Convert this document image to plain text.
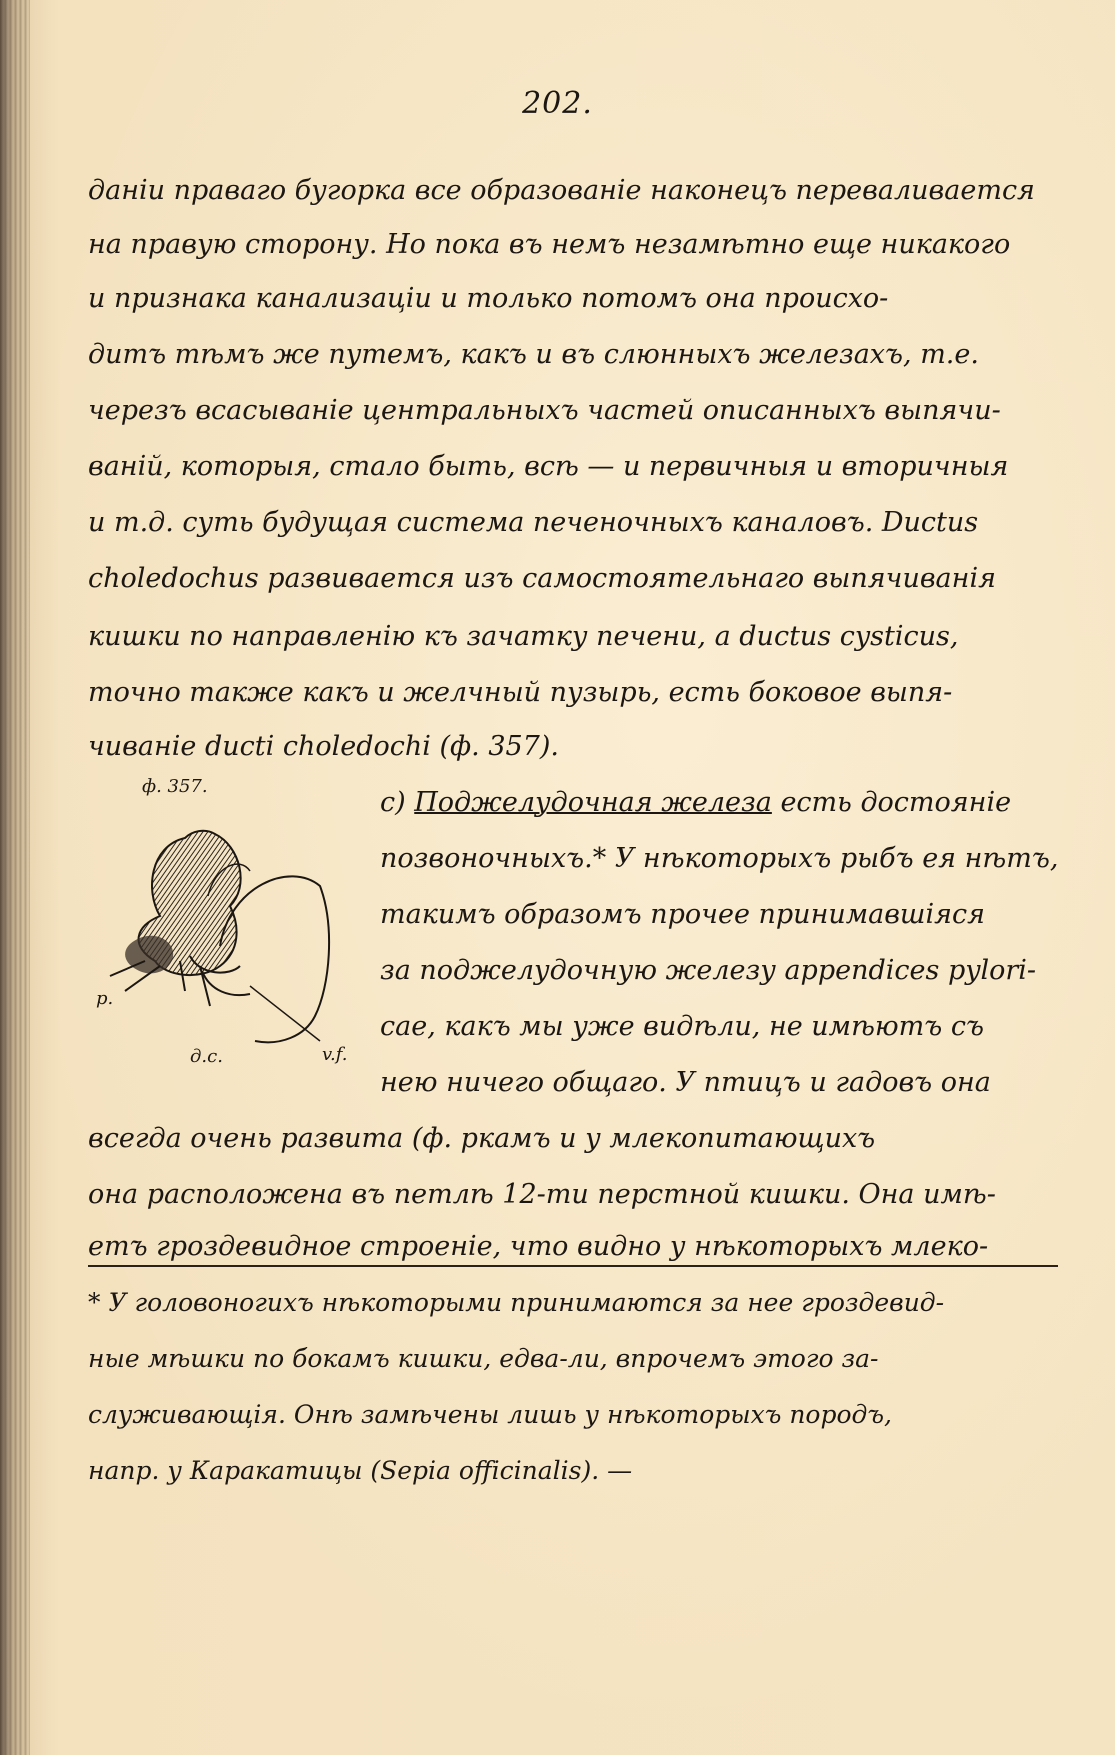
202.
даніи праваго бугорка все образованіе наконецъ переваливается
на правую сторону. Но пока въ немъ незамѣтно еще никакого
и признака канализаціи и только потомъ она происхо-
дитъ тѣмъ же путемъ, какъ и въ слюнныхъ железахъ, т.е.
черезъ всасываніе центральныхъ частей описанныхъ выпячи-
ваній, которыя, стало быть, всѣ — и первичныя и вторичныя
и т.д. суть будущая система печеночныхъ каналовъ. Ductus
choledochus развивается изъ самостоятельнаго выпячиванія
кишки по направленію къ зачатку печени, а ductus cysticus,
точно также какъ и желчный пузырь, есть боковое выпя-
чиваніе ducti choledochi (ф. 357).
ф. 357.
p.
д.c.	v.f.
c) Поджелудочная железа есть достояніе
позвоночныхъ.* У нѣкоторыхъ рыбъ ея нѣтъ,
такимъ образомъ прочее принимавшіяся
за поджелудочную железу appendices pylori-
cae, какъ мы уже видѣли, не имѣютъ съ
нею ничего общаго. У птицъ и гадовъ она
всегда очень развита (ф. ркамъ и у млекопитающихъ
она расположена въ петлѣ 12-ти перстной кишки. Она имѣ-
етъ гроздевидное строеніе, что видно у нѣкоторыхъ млеко-
* У головоногихъ нѣкоторыми принимаются за нее гроздевид-
ные мѣшки по бокамъ кишки, едва-ли, впрочемъ этого за-
служивающія. Онѣ замѣчены лишь у нѣкоторыхъ породъ,
напр. у Каракатицы (Sepia officinalis). —
